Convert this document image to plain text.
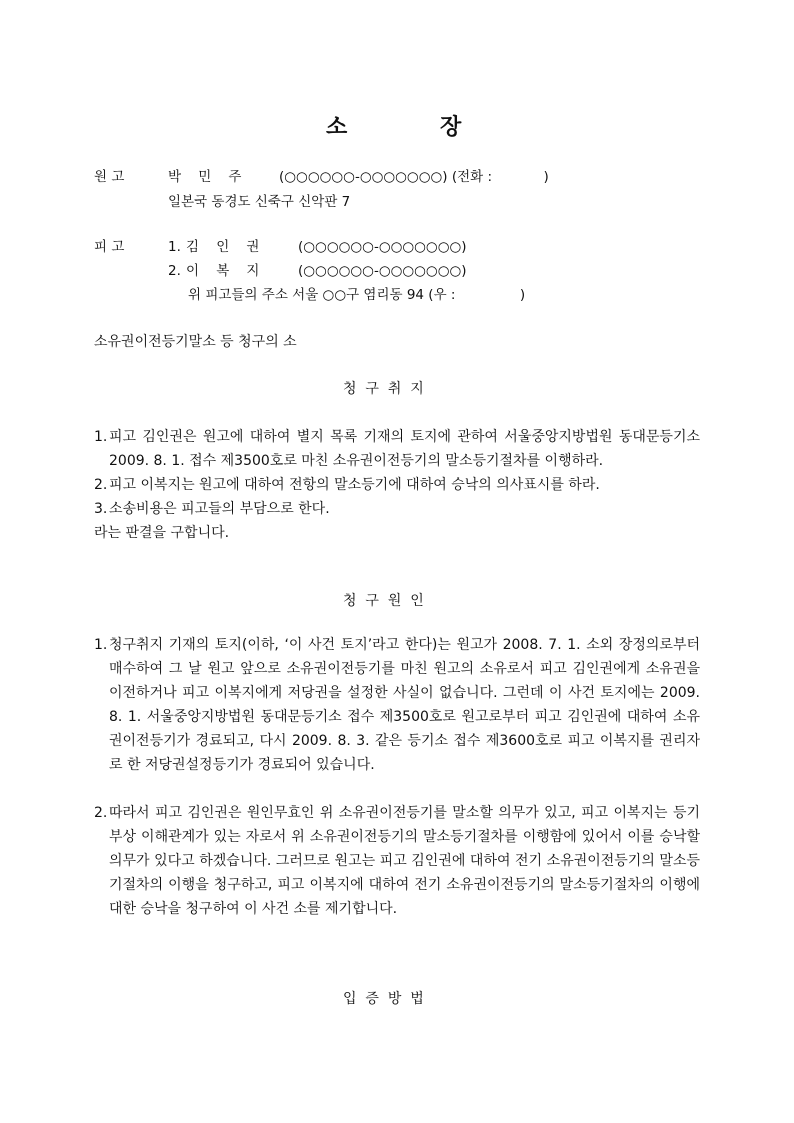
소	장
원 고	박    민    주	(○○○○○○-○○○○○○○) (전화 :            )
일본국 동경도 신죽구 신악판 7
피 고	1. 김    인    권	(○○○○○○-○○○○○○○)
2. 이    복    지	(○○○○○○-○○○○○○○)
위 피고들의 주소 서울 ○○구 염리동 94 (우 :               )
소유권이전등기말소 등 청구의 소
청  구  취  지
1. 피고 김인권은 원고에 대하여 별지 목록 기재의 토지에 관하여 서울중앙지방법원 동대문등기소 2009. 8. 1. 접수 제3500호로 마친 소유권이전등기의 말소등기절차를 이행하라.
2. 피고 이복지는 원고에 대하여 전항의 말소등기에 대하여 승낙의 의사표시를 하라.
3. 소송비용은 피고들의 부담으로 한다.
라는 판결을 구합니다.
청  구  원  인
1. 청구취지 기재의 토지(이하, ‘이 사건 토지’라고 한다)는 원고가 2008. 7. 1. 소외 장정의로부터 매수하여 그 날 원고 앞으로 소유권이전등기를 마친 원고의 소유로서 피고 김인권에게 소유권을 이전하거나 피고 이복지에게 저당권을 설정한 사실이 없습니다. 그런데 이 사건 토지에는 2009. 8. 1. 서울중앙지방법원 동대문등기소 접수 제3500호로 원고로부터 피고 김인권에 대하여 소유권이전등기가 경료되고, 다시 2009. 8. 3. 같은 등기소 접수 제3600호로 피고 이복지를 권리자로 한 저당권설정등기가 경료되어 있습니다.
2. 따라서 피고 김인권은 원인무효인 위 소유권이전등기를 말소할 의무가 있고, 피고 이복지는 등기부상 이해관계가 있는 자로서 위 소유권이전등기의 말소등기절차를 이행함에 있어서 이를 승낙할 의무가 있다고 하겠습니다. 그러므로 원고는 피고 김인권에 대하여 전기 소유권이전등기의 말소등기절차의 이행을 청구하고, 피고 이복지에 대하여 전기 소유권이전등기의 말소등기절차의 이행에 대한 승낙을 청구하여 이 사건 소를 제기합니다.
입  증  방  법
